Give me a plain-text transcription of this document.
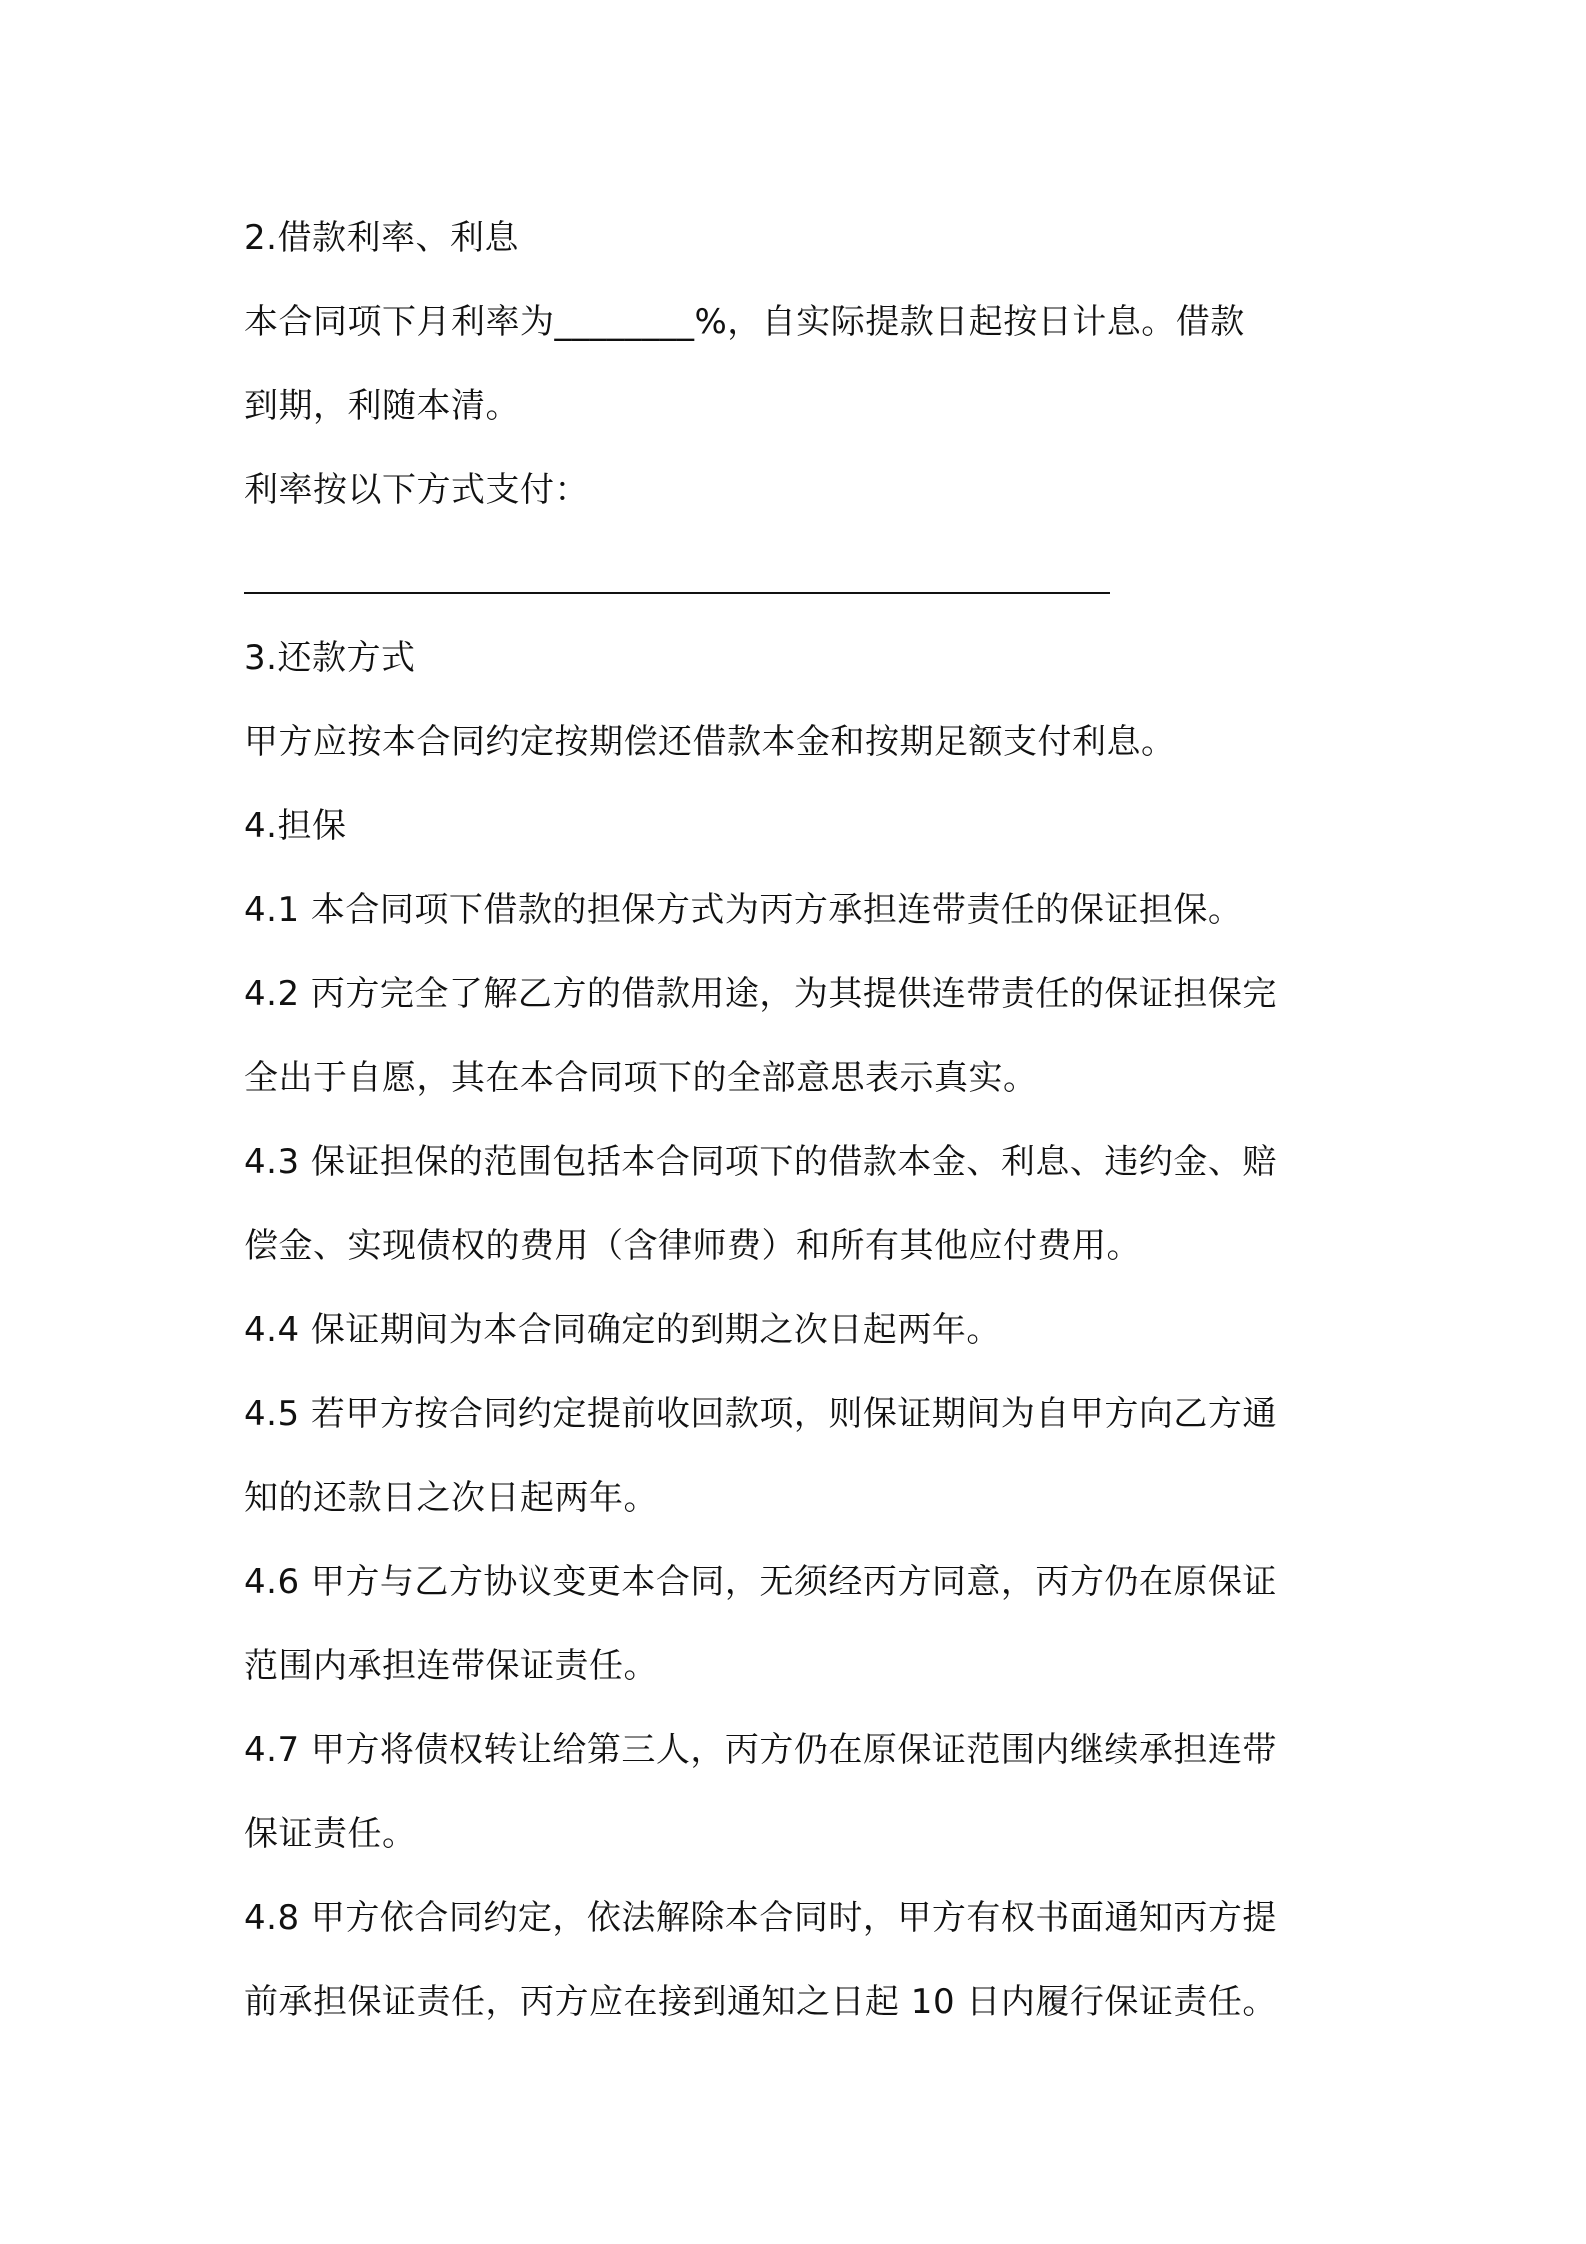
2.借款利率、利息
本合同项下月利率为________%，自实际提款日起按日计息。借款
到期，利随本清。
利率按以下方式支付：
3.还款方式
甲方应按本合同约定按期偿还借款本金和按期足额支付利息。
4.担保
4.1 本合同项下借款的担保方式为丙方承担连带责任的保证担保。
4.2 丙方完全了解乙方的借款用途，为其提供连带责任的保证担保完
全出于自愿，其在本合同项下的全部意思表示真实。
4.3 保证担保的范围包括本合同项下的借款本金、利息、违约金、赔
偿金、实现债权的费用（含律师费）和所有其他应付费用。
4.4 保证期间为本合同确定的到期之次日起两年。
4.5 若甲方按合同约定提前收回款项，则保证期间为自甲方向乙方通
知的还款日之次日起两年。
4.6 甲方与乙方协议变更本合同，无须经丙方同意，丙方仍在原保证
范围内承担连带保证责任。
4.7 甲方将债权转让给第三人，丙方仍在原保证范围内继续承担连带
保证责任。
4.8 甲方依合同约定，依法解除本合同时，甲方有权书面通知丙方提
前承担保证责任，丙方应在接到通知之日起 10 日内履行保证责任。
